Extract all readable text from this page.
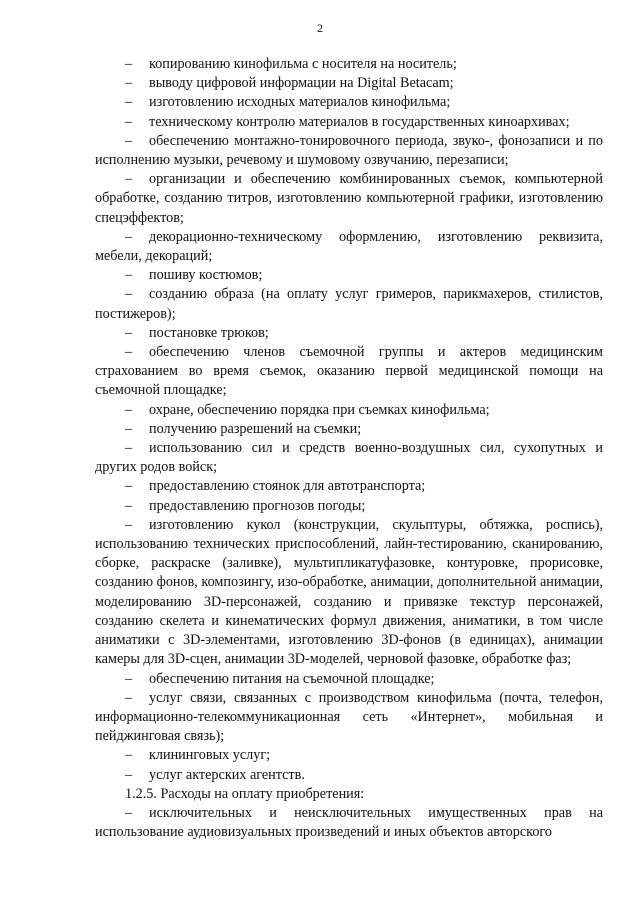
2

– копированию кинофильма с носителя на носитель;

– выводу цифровой информации на Digital Betacam;

– изготовлению исходных материалов кинофильма;

– техническому контролю материалов в государственных киноархивах;

– обеспечению монтажно-тонировочного периода, звуко-, фонозаписи и по исполнению музыки, речевому и шумовому озвучанию, перезаписи;

– организации и обеспечению комбинированных съемок, компьютерной обработке, созданию титров, изготовлению компьютерной графики, изготовлению спецэффектов;

– декорационно-техническому оформлению, изготовлению реквизита, мебели, декораций;

– пошиву костюмов;

– созданию образа (на оплату услуг гримеров, парикмахеров, стилистов, постижеров);

– постановке трюков;

– обеспечению членов съемочной группы и актеров медицинским страхованием во время съемок, оказанию первой медицинской помощи на съемочной площадке;

– охране, обеспечению порядка при съемках кинофильма;

– получению разрешений на съемки;

– использованию сил и средств военно-воздушных сил, сухопутных и других родов войск;

– предоставлению стоянок для автотранспорта;

– предоставлению прогнозов погоды;

– изготовлению кукол (конструкции, скульптуры, обтяжка, роспись), использованию технических приспособлений, лайн-тестированию, сканированию, сборке, раскраске (заливке), мультипликатуфазовке, контуровке, прорисовке, созданию фонов, композингу, изо-обработке, анимации, дополнительной анимации, моделированию 3D-персонажей, созданию и привязке текстур персонажей, созданию скелета и кинематических формул движения, аниматики, в том числе аниматики с 3D-элементами, изготовлению 3D-фонов (в единицах), анимации камеры для 3D-сцен, анимации 3D-моделей, черновой фазовке, обработке фаз;

– обеспечению питания на съемочной площадке;

– услуг связи, связанных с производством кинофильма (почта, телефон, информационно-телекоммуникационная сеть «Интернет», мобильная и пейджинговая связь);

– клининговых услуг;

– услуг актерских агентств.

1.2.5. Расходы на оплату приобретения:

– исключительных и неисключительных имущественных прав на использование аудиовизуальных произведений и иных объектов авторского
